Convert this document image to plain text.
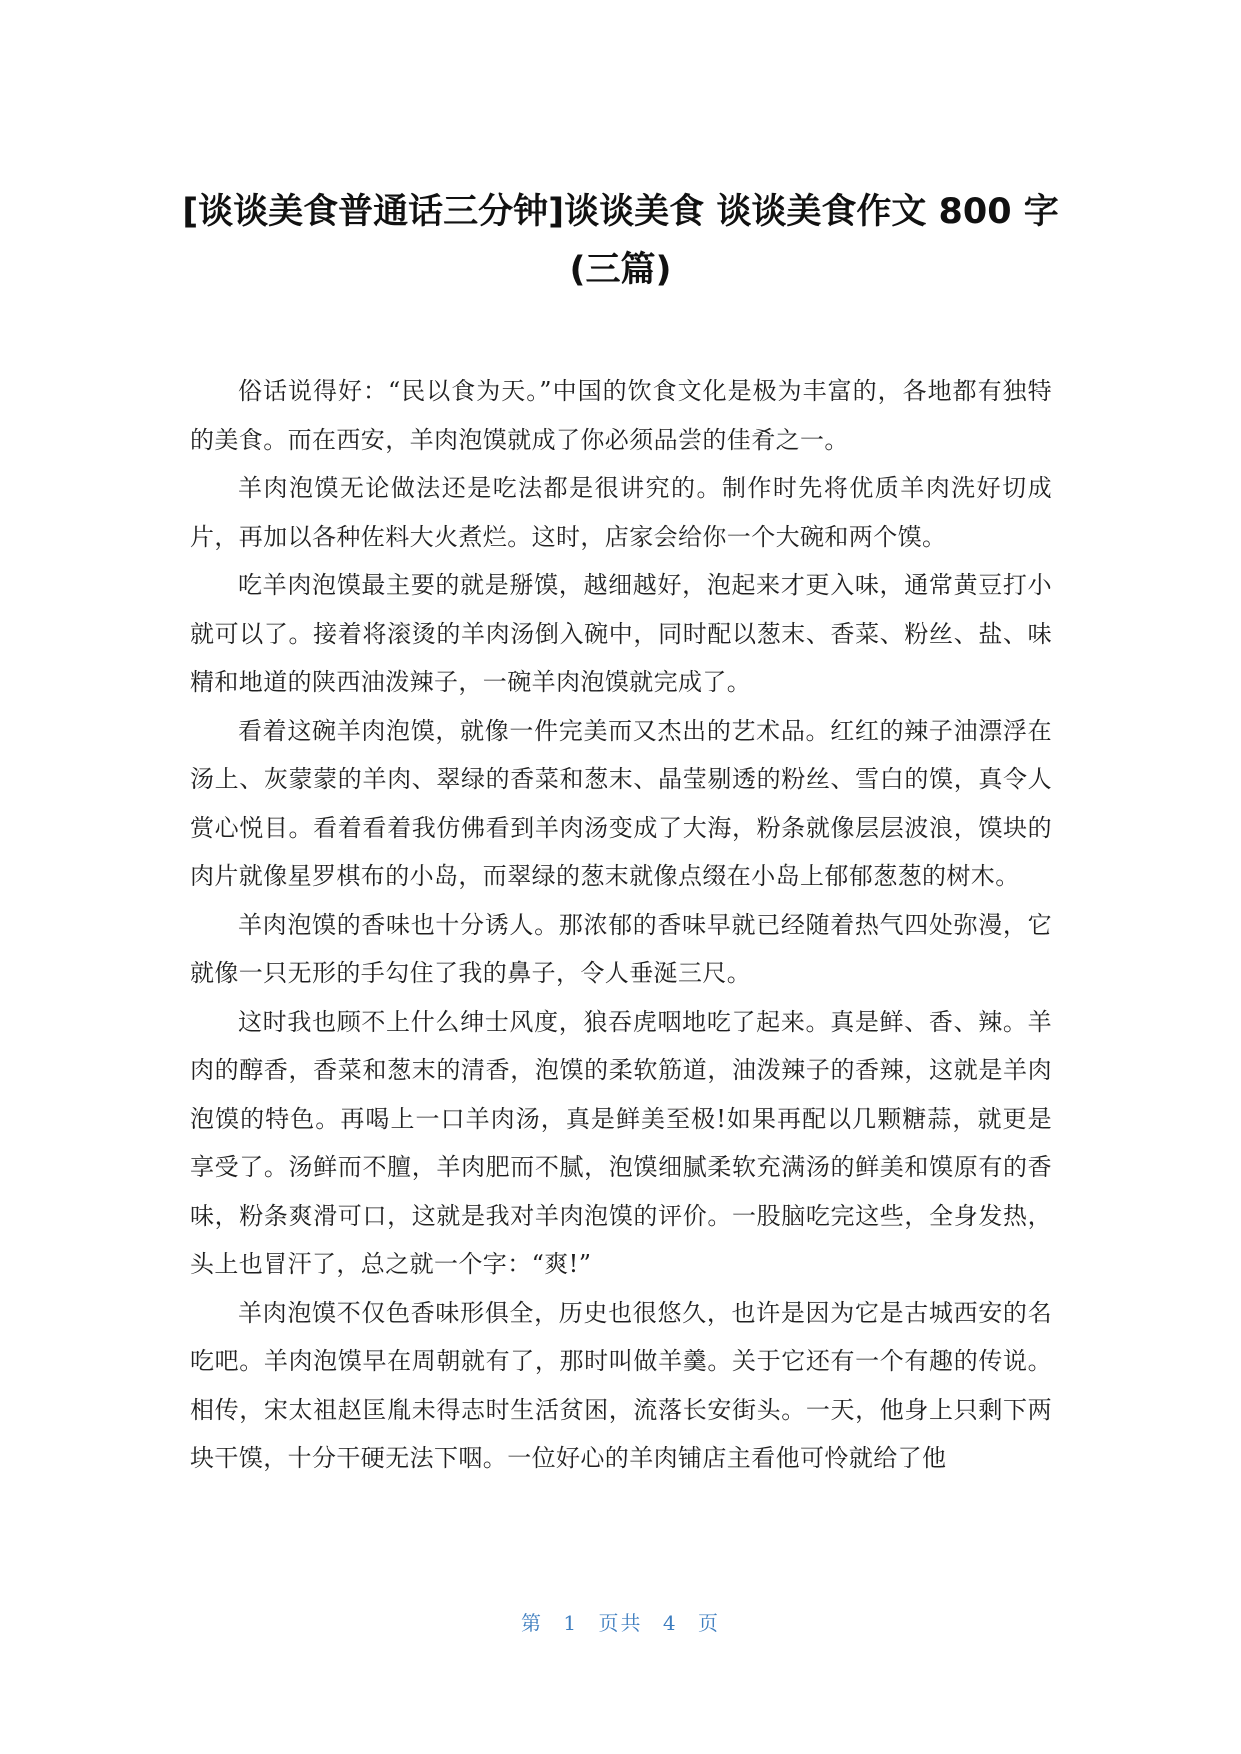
[谈谈美食普通话三分钟]谈谈美食 谈谈美食作文 800 字
(三篇)

俗话说得好：“民以食为天。”中国的饮食文化是极为丰富的，各地都有独特的美食。而在西安，羊肉泡馍就成了你必须品尝的佳肴之一。

羊肉泡馍无论做法还是吃法都是很讲究的。制作时先将优质羊肉洗好切成片，再加以各种佐料大火煮烂。这时，店家会给你一个大碗和两个馍。

吃羊肉泡馍最主要的就是掰馍，越细越好，泡起来才更入味，通常黄豆打小就可以了。接着将滚烫的羊肉汤倒入碗中，同时配以葱末、香菜、粉丝、盐、味精和地道的陕西油泼辣子，一碗羊肉泡馍就完成了。

看着这碗羊肉泡馍，就像一件完美而又杰出的艺术品。红红的辣子油漂浮在汤上、灰蒙蒙的羊肉、翠绿的香菜和葱末、晶莹剔透的粉丝、雪白的馍，真令人赏心悦目。看着看着我仿佛看到羊肉汤变成了大海，粉条就像层层波浪，馍块的肉片就像星罗棋布的小岛，而翠绿的葱末就像点缀在小岛上郁郁葱葱的树木。

羊肉泡馍的香味也十分诱人。那浓郁的香味早就已经随着热气四处弥漫，它就像一只无形的手勾住了我的鼻子，令人垂涎三尺。

这时我也顾不上什么绅士风度，狼吞虎咽地吃了起来。真是鲜、香、辣。羊肉的醇香，香菜和葱末的清香，泡馍的柔软筋道，油泼辣子的香辣，这就是羊肉泡馍的特色。再喝上一口羊肉汤，真是鲜美至极!如果再配以几颗糖蒜，就更是享受了。汤鲜而不膻，羊肉肥而不腻，泡馍细腻柔软充满汤的鲜美和馍原有的香味，粉条爽滑可口，这就是我对羊肉泡馍的评价。一股脑吃完这些，全身发热，头上也冒汗了，总之就一个字：“爽!”

羊肉泡馍不仅色香味形俱全，历史也很悠久，也许是因为它是古城西安的名吃吧。羊肉泡馍早在周朝就有了，那时叫做羊羹。关于它还有一个有趣的传说。相传，宋太祖赵匡胤未得志时生活贫困，流落长安街头。一天，他身上只剩下两块干馍，十分干硬无法下咽。一位好心的羊肉铺店主看他可怜就给了他

第 1 页共 4 页
